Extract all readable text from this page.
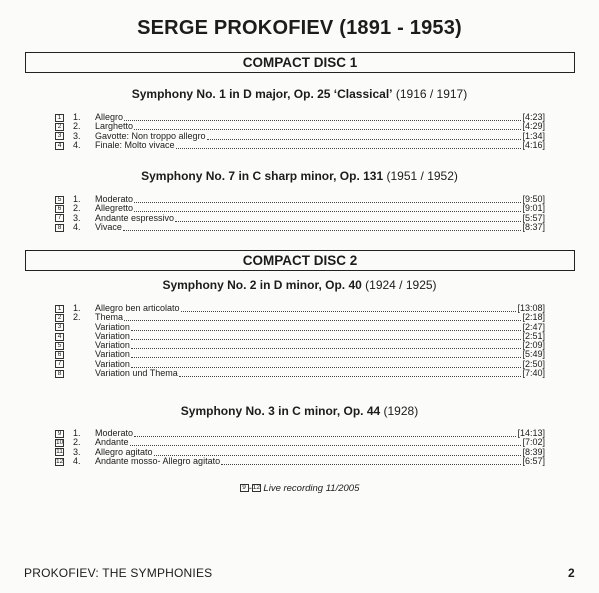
SERGE PROKOFIEV (1891 - 1953)
COMPACT DISC 1
Symphony No. 1 in D major, Op. 25 ‘Classical’ (1916 / 1917)
1 1.	Allegro	[4:23]
2 2.	Larghetto	[4:29]
3 3.	Gavotte: Non troppo allegro	[1:34]
4 4.	Finale: Molto vivace	[4:16]
Symphony No. 7 in C sharp minor, Op. 131 (1951 / 1952)
5 1.	Moderato	[9:50]
6 2.	Allegretto	[9:01]
7 3.	Andante espressivo	[5:57]
8 4.	Vivace	[8:37]
COMPACT DISC 2
Symphony No. 2 in D minor, Op. 40 (1924 / 1925)
1 1.	Allegro ben articolato	[13:08]
2 2.	Thema	[2:18]
3	Variation	[2:47]
4	Variation	[2:51]
5	Variation	[2:09]
6	Variation	[5:49]
7	Variation	[2:50]
8	Variation und Thema	[7:40]
Symphony No. 3 in C minor, Op. 44 (1928)
9 1.	Moderato	[14:13]
10 2.	Andante	[7:02]
11 3.	Allegro agitato	[8:39]
12 4.	Andante mosso- Allegro agitato	[6:57]
9 -12 Live recording 11/2005
PROKOFIEV: THE SYMPHONIES	2
